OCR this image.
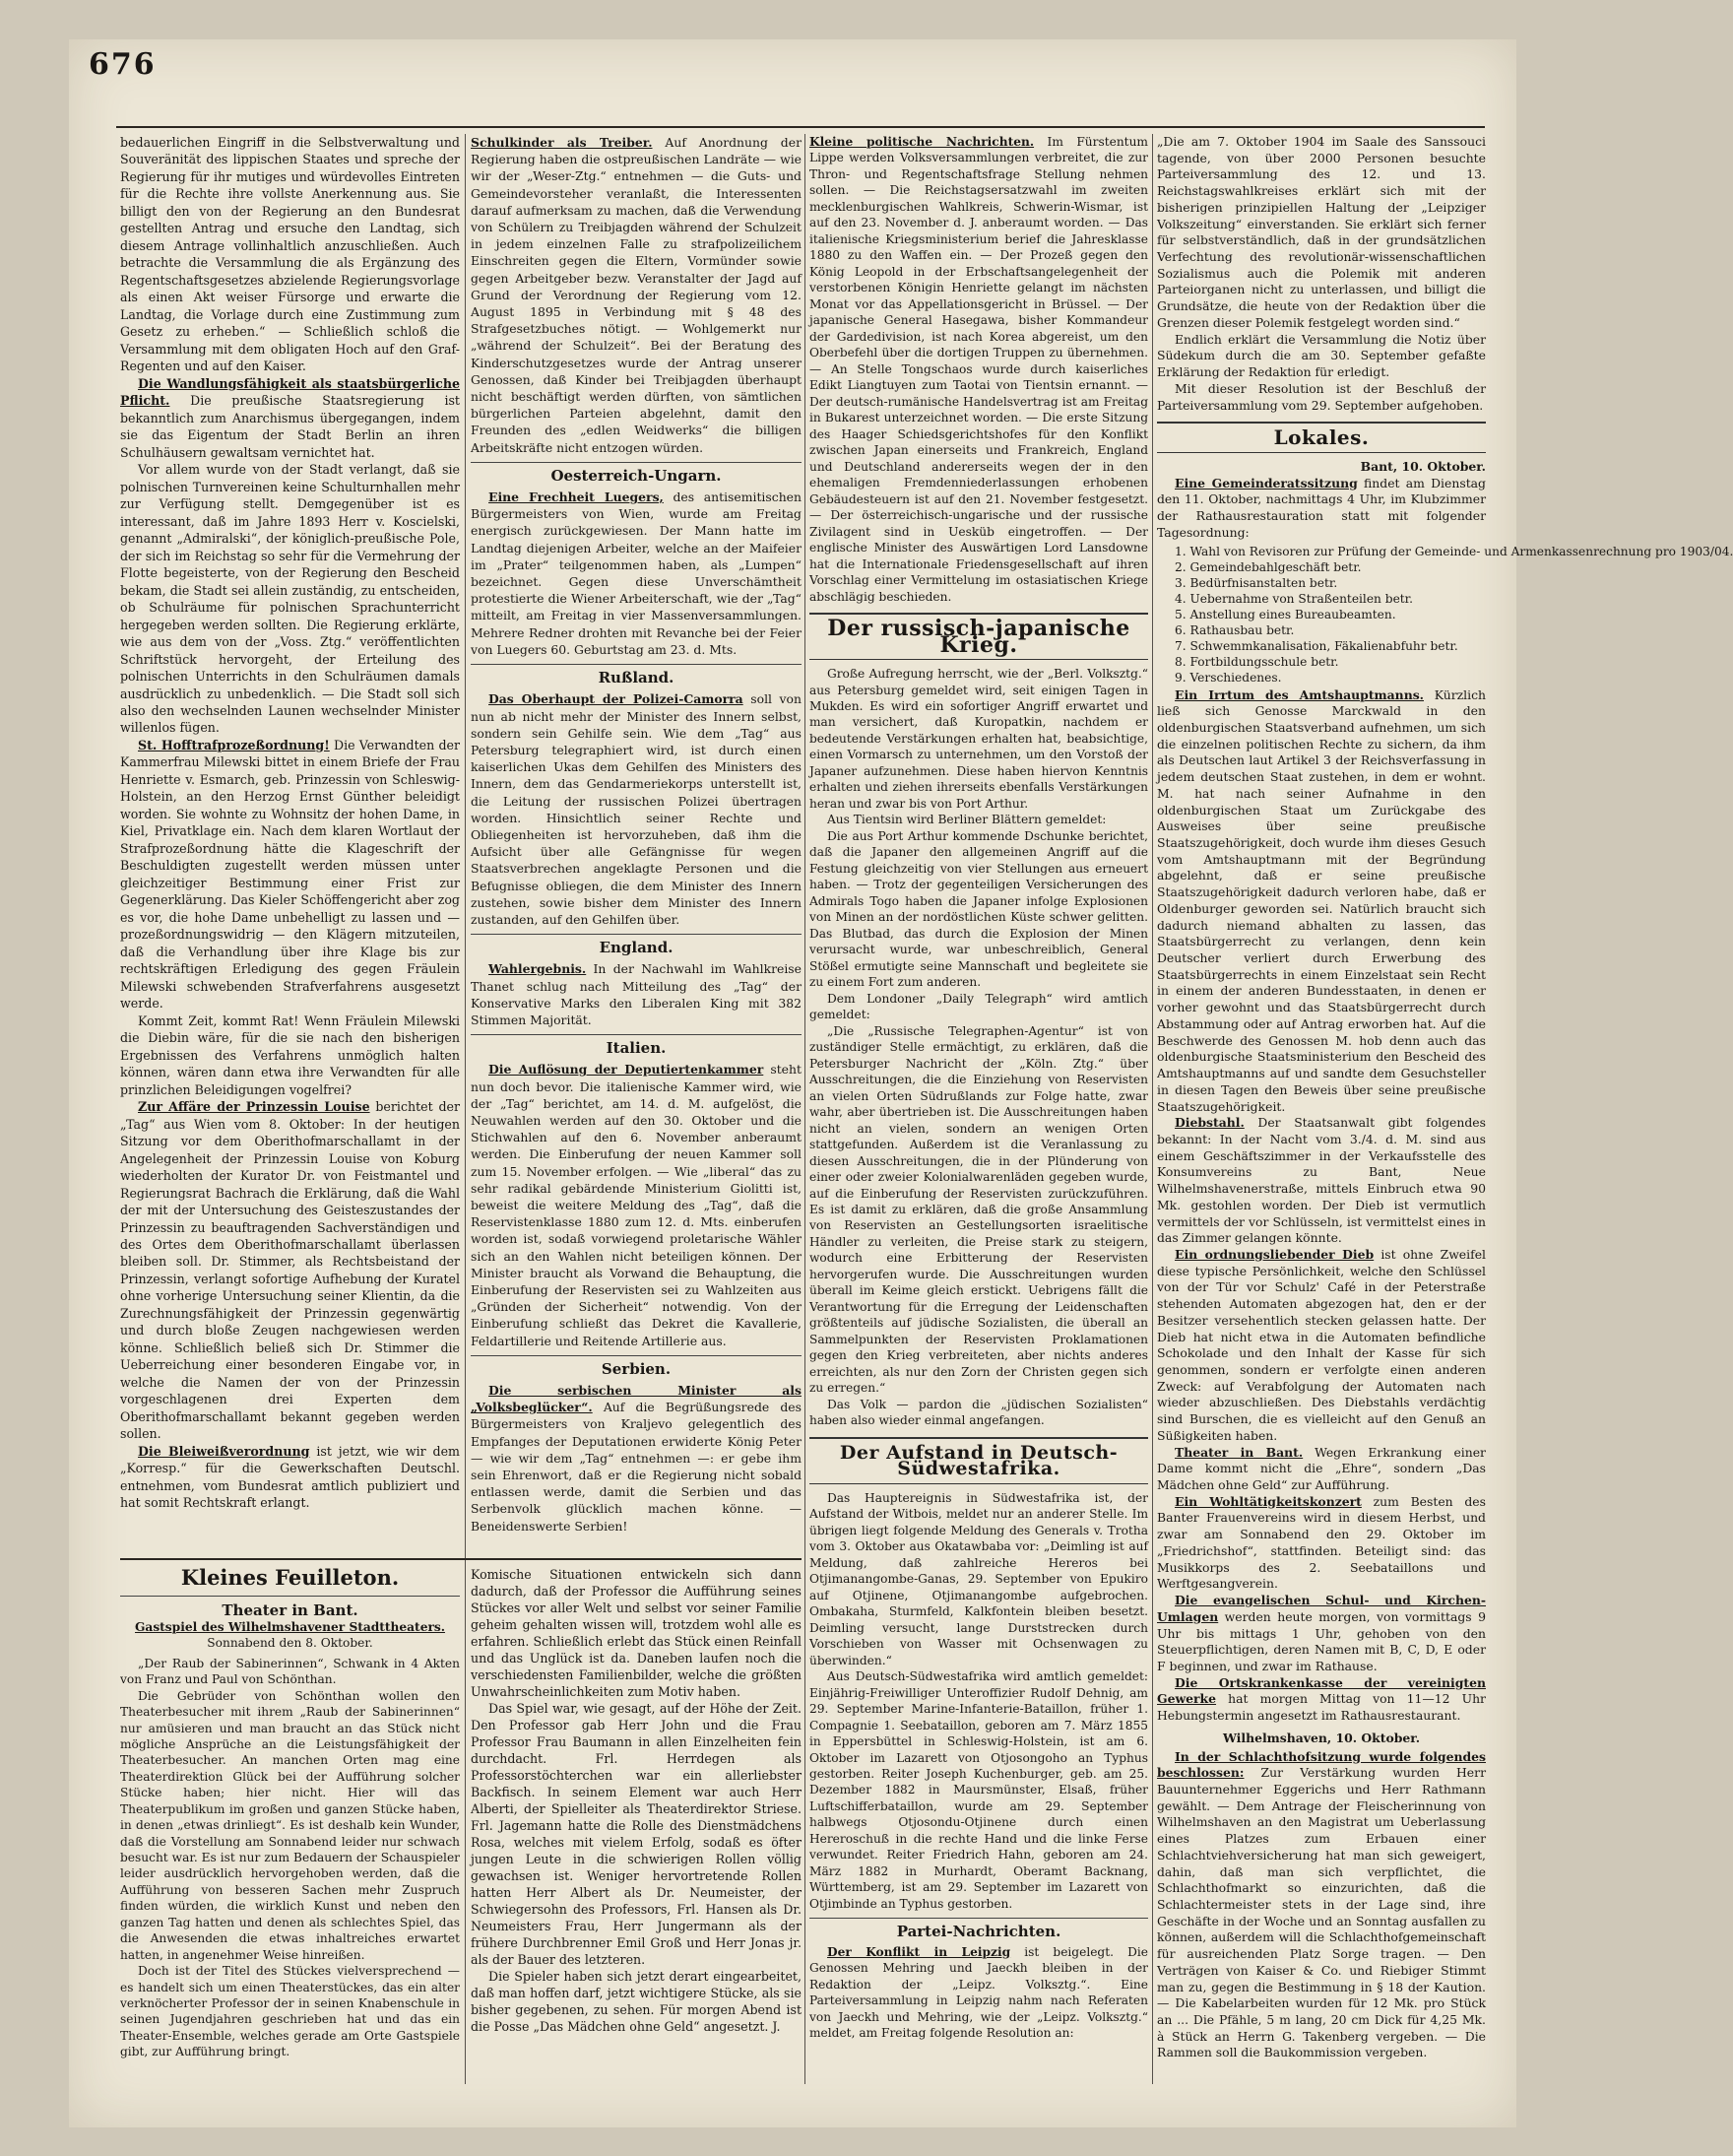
676

bedauerlichen Eingriff in die Selbstverwaltung und Souveränität des lippischen Staates und spreche der Regierung für ihr mutiges und würdevolles Eintreten für die Rechte ihre vollste Anerkennung aus. Sie billigt den von der Regierung an den Bundesrat gestellten Antrag und ersuche den Landtag, sich diesem Antrage vollinhaltlich anzuschließen. Auch betrachte die Versammlung die als Ergänzung des Regentschaftsgesetzes abzielende Regierungsvorlage als einen Akt weiser Fürsorge und erwarte die Landtag, die Vorlage durch eine Zustimmung zum Gesetz zu erheben.“ — Schließlich schloß die Versammlung mit dem obligaten Hoch auf den Graf-Regenten und auf den Kaiser.

Die Wandlungsfähigkeit als staatsbürgerliche Pflicht. Die preußische Staatsregierung ist bekanntlich zum Anarchismus übergegangen, indem sie das Eigentum der Stadt Berlin an ihren Schulhäusern gewaltsam vernichtet hat.

Vor allem wurde von der Stadt verlangt, daß sie polnischen Turnvereinen keine Schulturnhallen mehr zur Verfügung stellt. Demgegenüber ist es interessant, daß im Jahre 1893 Herr v. Koscielski, genannt „Admiralski“, der königlich-preußische Pole, der sich im Reichstag so sehr für die Vermehrung der Flotte begeisterte, von der Regierung den Bescheid bekam, die Stadt sei allein zuständig, zu entscheiden, ob Schulräume für polnischen Sprachunterricht hergegeben werden sollten. Die Regierung erklärte, wie aus dem von der „Voss. Ztg.“ veröffentlichten Schriftstück hervorgeht, der Erteilung des polnischen Unterrichts in den Schulräumen damals ausdrücklich zu unbedenklich. — Die Stadt soll sich also den wechselnden Launen wechselnder Minister willenlos fügen.

St. Hofftrafprozeßordnung! Die Verwandten der Kammerfrau Milewski bittet in einem Briefe der Frau Henriette v. Esmarch, geb. Prinzessin von Schleswig-Holstein, an den Herzog Ernst Günther beleidigt worden. Sie wohnte zu Wohnsitz der hohen Dame, in Kiel, Privatklage ein. Nach dem klaren Wortlaut der Strafprozeßordnung hätte die Klageschrift der Beschuldigten zugestellt werden müssen unter gleichzeitiger Bestimmung einer Frist zur Gegenerklärung. Das Kieler Schöffengericht aber zog es vor, die hohe Dame unbehelligt zu lassen und — prozeßordnungswidrig — den Klägern mitzuteilen, daß die Verhandlung über ihre Klage bis zur rechtskräftigen Erledigung des gegen Fräulein Milewski schwebenden Strafverfahrens ausgesetzt werde.

Kommt Zeit, kommt Rat! Wenn Fräulein Milewski die Diebin wäre, für die sie nach den bisherigen Ergebnissen des Verfahrens unmöglich halten können, wären dann etwa ihre Verwandten für alle prinzlichen Beleidigungen vogelfrei?

Zur Affäre der Prinzessin Louise berichtet der „Tag“ aus Wien vom 8. Oktober: In der heutigen Sitzung vor dem Oberithofmarschallamt in der Angelegenheit der Prinzessin Louise von Koburg wiederholten der Kurator Dr. von Feistmantel und Regierungsrat Bachrach die Erklärung, daß die Wahl der mit der Untersuchung des Geisteszustandes der Prinzessin zu beauftragenden Sachverständigen und des Ortes dem Oberithofmarschallamt überlassen bleiben soll. Dr. Stimmer, als Rechtsbeistand der Prinzessin, verlangt sofortige Aufhebung der Kuratel ohne vorherige Untersuchung seiner Klientin, da die Zurechnungsfähigkeit der Prinzessin gegenwärtig und durch bloße Zeugen nachgewiesen werden könne. Schließlich beließ sich Dr. Stimmer die Ueberreichung einer besonderen Eingabe vor, in welche die Namen der von der Prinzessin vorgeschlagenen drei Experten dem Oberithofmarschallamt bekannt gegeben werden sollen.

Die Bleiweißverordnung ist jetzt, wie wir dem „Korresp.“ für die Gewerkschaften Deutschl. entnehmen, vom Bundesrat amtlich publiziert und hat somit Rechtskraft erlangt.

Schulkinder als Treiber. Auf Anordnung der Regierung haben die ostpreußischen Landräte — wie wir der „Weser-Ztg.“ entnehmen — die Guts- und Gemeindevorsteher veranlaßt, die Interessenten darauf aufmerksam zu machen, daß die Verwendung von Schülern zu Treibjagden während der Schulzeit in jedem einzelnen Falle zu strafpolizeilichem Einschreiten gegen die Eltern, Vormünder sowie gegen Arbeitgeber bezw. Veranstalter der Jagd auf Grund der Verordnung der Regierung vom 12. August 1895 in Verbindung mit § 48 des Strafgesetzbuches nötigt. — Wohlgemerkt nur „während der Schulzeit“. Bei der Beratung des Kinderschutzgesetzes wurde der Antrag unserer Genossen, daß Kinder bei Treibjagden überhaupt nicht beschäftigt werden dürften, von sämtlichen bürgerlichen Parteien abgelehnt, damit den Freunden des „edlen Weidwerks“ die billigen Arbeitskräfte nicht entzogen würden.

Oesterreich-Ungarn.

Eine Frechheit Luegers, des antisemitischen Bürgermeisters von Wien, wurde am Freitag energisch zurückgewiesen. Der Mann hatte im Landtag diejenigen Arbeiter, welche an der Maifeier im „Prater“ teilgenommen haben, als „Lumpen“ bezeichnet. Gegen diese Unverschämtheit protestierte die Wiener Arbeiterschaft, wie der „Tag“ mitteilt, am Freitag in vier Massenversammlungen. Mehrere Redner drohten mit Revanche bei der Feier von Luegers 60. Geburtstag am 23. d. Mts.

Rußland.

Das Oberhaupt der Polizei-Camorra soll von nun ab nicht mehr der Minister des Innern selbst, sondern sein Gehilfe sein. Wie dem „Tag“ aus Petersburg telegraphiert wird, ist durch einen kaiserlichen Ukas dem Gehilfen des Ministers des Innern, dem das Gendarmeriekorps unterstellt ist, die Leitung der russischen Polizei übertragen worden. Hinsichtlich seiner Rechte und Obliegenheiten ist hervorzuheben, daß ihm die Aufsicht über alle Gefängnisse für wegen Staatsverbrechen angeklagte Personen und die Befugnisse obliegen, die dem Minister des Innern zustehen, sowie bisher dem Minister des Innern zustanden, auf den Gehilfen über.

England.

Wahlergebnis. In der Nachwahl im Wahlkreise Thanet schlug nach Mitteilung des „Tag“ der Konservative Marks den Liberalen King mit 382 Stimmen Majorität.

Italien.

Die Auflösung der Deputiertenkammer steht nun doch bevor. Die italienische Kammer wird, wie der „Tag“ berichtet, am 14. d. M. aufgelöst, die Neuwahlen werden auf den 30. Oktober und die Stichwahlen auf den 6. November anberaumt werden. Die Einberufung der neuen Kammer soll zum 15. November erfolgen. — Wie „liberal“ das zu sehr radikal gebärdende Ministerium Giolitti ist, beweist die weitere Meldung des „Tag“, daß die Reservistenklasse 1880 zum 12. d. Mts. einberufen worden ist, sodaß vorwiegend proletarische Wähler sich an den Wahlen nicht beteiligen können. Der Minister braucht als Vorwand die Behauptung, die Einberufung der Reservisten sei zu Wahlzeiten aus „Gründen der Sicherheit“ notwendig. Von der Einberufung schließt das Dekret die Kavallerie, Feldartillerie und Reitende Artillerie aus.

Serbien.

Die serbischen Minister als „Volksbeglücker“. Auf die Begrüßungsrede des Bürgermeisters von Kraljevo gelegentlich des Empfanges der Deputationen erwiderte König Peter — wie wir dem „Tag“ entnehmen —: er gebe ihm sein Ehrenwort, daß er die Regierung nicht sobald entlassen werde, damit die Serbien und das Serbenvolk glücklich machen könne. — Beneidenswerte Serbien!

Kleines Feuilleton.
Theater in Bant.
Gastspiel des Wilhelmshavener Stadttheaters.
Sonnabend den 8. Oktober.

„Der Raub der Sabinerinnen“, Schwank in 4 Akten von Franz und Paul von Schönthan.

Die Gebrüder von Schönthan wollen den Theaterbesucher mit ihrem „Raub der Sabinerinnen“ nur amüsieren und man braucht an das Stück nicht mögliche Ansprüche an die Leistungsfähigkeit der Theaterbesucher. An manchen Orten mag eine Theaterdirektion Glück bei der Aufführung solcher Stücke haben; hier nicht. Hier will das Theaterpublikum im großen und ganzen Stücke haben, in denen „etwas drinliegt“. Es ist deshalb kein Wunder, daß die Vorstellung am Sonnabend leider nur schwach besucht war. Es ist nur zum Bedauern der Schauspieler leider ausdrücklich hervorgehoben werden, daß die Aufführung von besseren Sachen mehr Zuspruch finden würden, die wirklich Kunst und neben den ganzen Tag hatten und denen als schlechtes Spiel, das die Anwesenden die etwas inhaltreiches erwartet hatten, in angenehmer Weise hinreißen.

Doch ist der Titel des Stückes vielversprechend — es handelt sich um einen Theaterstückes, das ein alter verknöcherter Professor der in seinen Knabenschule in seinen Jugendjahren geschrieben hat und das ein Theater-Ensemble, welches gerade am Orte Gastspiele gibt, zur Aufführung bringt.

Komische Situationen entwickeln sich dann dadurch, daß der Professor die Aufführung seines Stückes vor aller Welt und selbst vor seiner Familie geheim gehalten wissen will, trotzdem wohl alle es erfahren. Schließlich erlebt das Stück einen Reinfall und das Unglück ist da. Daneben laufen noch die verschiedensten Familienbilder, welche die größten Unwahrscheinlichkeiten zum Motiv haben.

Das Spiel war, wie gesagt, auf der Höhe der Zeit. Den Professor gab Herr John und die Frau Professor Frau Baumann in allen Einzelheiten fein durchdacht. Frl. Herrdegen als Professorstöchterchen war ein allerliebster Backfisch. In seinem Element war auch Herr Alberti, der Spielleiter als Theaterdirektor Striese. Frl. Jagemann hatte die Rolle des Dienstmädchens Rosa, welches mit vielem Erfolg, sodaß es öfter jungen Leute in die schwierigen Rollen völlig gewachsen ist. Weniger hervortretende Rollen hatten Herr Albert als Dr. Neumeister, der Schwiegersohn des Professors, Frl. Hansen als Dr. Neumeisters Frau, Herr Jungermann als der frühere Durchbrenner Emil Groß und Herr Jonas jr. als der Bauer des letzteren.

Die Spieler haben sich jetzt derart eingearbeitet, daß man hoffen darf, jetzt wichtigere Stücke, als sie bisher gegebenen, zu sehen. Für morgen Abend ist die Posse „Das Mädchen ohne Geld“ angesetzt. J.

Kleine politische Nachrichten. Im Fürstentum Lippe werden Volksversammlungen verbreitet, die zur Thron- und Regentschaftsfrage Stellung nehmen sollen. — Die Reichstagsersatzwahl im zweiten mecklenburgischen Wahlkreis, Schwerin-Wismar, ist auf den 23. November d. J. anberaumt worden. — Das italienische Kriegsministerium berief die Jahresklasse 1880 zu den Waffen ein. — Der Prozeß gegen den König Leopold in der Erbschaftsangelegenheit der verstorbenen Königin Henriette gelangt im nächsten Monat vor das Appellationsgericht in Brüssel. — Der japanische General Hasegawa, bisher Kommandeur der Gardedivision, ist nach Korea abgereist, um den Oberbefehl über die dortigen Truppen zu übernehmen. — An Stelle Tongschaos wurde durch kaiserliches Edikt Liangtuyen zum Taotai von Tientsin ernannt. — Der deutsch-rumänische Handelsvertrag ist am Freitag in Bukarest unterzeichnet worden. — Die erste Sitzung des Haager Schiedsgerichtshofes für den Konflikt zwischen Japan einerseits und Frankreich, England und Deutschland andererseits wegen der in den ehemaligen Fremdenniederlassungen erhobenen Gebäudesteuern ist auf den 21. November festgesetzt. — Der österreichisch-ungarische und der russische Zivilagent sind in Uesküb eingetroffen. — Der englische Minister des Auswärtigen Lord Lansdowne hat die Internationale Friedensgesellschaft auf ihren Vorschlag einer Vermittelung im ostasiatischen Kriege abschlägig beschieden.

Der russisch-japanische Krieg.

Große Aufregung herrscht, wie der „Berl. Volksztg.“ aus Petersburg gemeldet wird, seit einigen Tagen in Mukden. Es wird ein sofortiger Angriff erwartet und man versichert, daß Kuropatkin, nachdem er bedeutende Verstärkungen erhalten hat, beabsichtige, einen Vormarsch zu unternehmen, um den Vorstoß der Japaner aufzunehmen. Diese haben hiervon Kenntnis erhalten und ziehen ihrerseits ebenfalls Verstärkungen heran und zwar bis von Port Arthur.

Aus Tientsin wird Berliner Blättern gemeldet:

Die aus Port Arthur kommende Dschunke berichtet, daß die Japaner den allgemeinen Angriff auf die Festung gleichzeitig von vier Stellungen aus erneuert haben. — Trotz der gegenteiligen Versicherungen des Admirals Togo haben die Japaner infolge Explosionen von Minen an der nordöstlichen Küste schwer gelitten. Das Blutbad, das durch die Explosion der Minen verursacht wurde, war unbeschreiblich, General Stößel ermutigte seine Mannschaft und begleitete sie zu einem Fort zum anderen.

Dem Londoner „Daily Telegraph“ wird amtlich gemeldet:

„Die „Russische Telegraphen-Agentur“ ist von zuständiger Stelle ermächtigt, zu erklären, daß die Petersburger Nachricht der „Köln. Ztg.“ über Ausschreitungen, die die Einziehung von Reservisten an vielen Orten Südrußlands zur Folge hatte, zwar wahr, aber übertrieben ist. Die Ausschreitungen haben nicht an vielen, sondern an wenigen Orten stattgefunden. Außerdem ist die Veranlassung zu diesen Ausschreitungen, die in der Plünderung von einer oder zweier Kolonialwarenläden gegeben wurde, auf die Einberufung der Reservisten zurückzuführen. Es ist damit zu erklären, daß die große Ansammlung von Reservisten an Gestellungsorten israelitische Händler zu verleiten, die Preise stark zu steigern, wodurch eine Erbitterung der Reservisten hervorgerufen wurde. Die Ausschreitungen wurden überall im Keime gleich erstickt. Uebrigens fällt die Verantwortung für die Erregung der Leidenschaften größtenteils auf jüdische Sozialisten, die überall an Sammelpunkten der Reservisten Proklamationen gegen den Krieg verbreiteten, aber nichts anderes erreichten, als nur den Zorn der Christen gegen sich zu erregen.“

Das Volk — pardon die „jüdischen Sozialisten“ haben also wieder einmal angefangen.

Der Aufstand in Deutsch-Südwestafrika.

Das Hauptereignis in Südwestafrika ist, der Aufstand der Witbois, meldet nur an anderer Stelle. Im übrigen liegt folgende Meldung des Generals v. Trotha vom 3. Oktober aus Okatawbaba vor: „Deimling ist auf Meldung, daß zahlreiche Hereros bei Otjimanangombe-Ganas, 29. September von Epukiro auf Otjinene, Otjimanangombe aufgebrochen. Ombakaha, Sturmfeld, Kalkfontein bleiben besetzt. Deimling versucht, lange Durststrecken durch Vorschieben von Wasser mit Ochsenwagen zu überwinden.“

Aus Deutsch-Südwestafrika wird amtlich gemeldet: Einjährig-Freiwilliger Unteroffizier Rudolf Dehnig, am 29. September Marine-Infanterie-Bataillon, früher 1. Compagnie 1. Seebataillon, geboren am 7. März 1855 in Eppersbüttel in Schleswig-Holstein, ist am 6. Oktober im Lazarett von Otjosongoho an Typhus gestorben. Reiter Joseph Kuchenburger, geb. am 25. Dezember 1882 in Maursmünster, Elsaß, früher Luftschifferbataillon, wurde am 29. September halbwegs Otjosondu-Otjinene durch einen Hereroschuß in die rechte Hand und die linke Ferse verwundet. Reiter Friedrich Hahn, geboren am 24. März 1882 in Murhardt, Oberamt Backnang, Württemberg, ist am 29. September im Lazarett von Otjimbinde an Typhus gestorben.

Partei-Nachrichten.

Der Konflikt in Leipzig ist beigelegt. Die Genossen Mehring und Jaeckh bleiben in der Redaktion der „Leipz. Volksztg.“. Eine Parteiversammlung in Leipzig nahm nach Referaten von Jaeckh und Mehring, wie der „Leipz. Volksztg.“ meldet, am Freitag folgende Resolution an:

„Die am 7. Oktober 1904 im Saale des Sanssouci tagende, von über 2000 Personen besuchte Parteiversammlung des 12. und 13. Reichstagswahlkreises erklärt sich mit der bisherigen prinzipiellen Haltung der „Leipziger Volkszeitung“ einverstanden. Sie erklärt sich ferner für selbstverständlich, daß in der grundsätzlichen Verfechtung des revolutionär-wissenschaftlichen Sozialismus auch die Polemik mit anderen Parteiorganen nicht zu unterlassen, und billigt die Grundsätze, die heute von der Redaktion über die Grenzen dieser Polemik festgelegt worden sind.“

Endlich erklärt die Versammlung die Notiz über Südekum durch die am 30. September gefaßte Erklärung der Redaktion für erledigt.

Mit dieser Resolution ist der Beschluß der Parteiversammlung vom 29. September aufgehoben.

Lokales.
Bant, 10. Oktober.

Eine Gemeinderatssitzung findet am Dienstag den 11. Oktober, nachmittags 4 Uhr, im Klubzimmer der Rathausrestauration statt mit folgender Tagesordnung:

1. Wahl von Revisoren zur Prüfung der Gemeinde- und Armenkassenrechnung pro 1903/04.
2. Gemeindebahlgeschäft betr.
3. Bedürfnisanstalten betr.
4. Uebernahme von Straßenteilen betr.
5. Anstellung eines Bureaubeamten.
6. Rathausbau betr.
7. Schwemmkanalisation, Fäkalienabfuhr betr.
8. Fortbildungsschule betr.
9. Verschiedenes.

Ein Irrtum des Amtshauptmanns. Kürzlich ließ sich Genosse Marckwald in den oldenburgischen Staatsverband aufnehmen, um sich die einzelnen politischen Rechte zu sichern, da ihm als Deutschen laut Artikel 3 der Reichsverfassung in jedem deutschen Staat zustehen, in dem er wohnt. M. hat nach seiner Aufnahme in den oldenburgischen Staat um Zurückgabe des Ausweises über seine preußische Staatszugehörigkeit, doch wurde ihm dieses Gesuch vom Amtshauptmann mit der Begründung abgelehnt, daß er seine preußische Staatszugehörigkeit dadurch verloren habe, daß er Oldenburger geworden sei. Natürlich braucht sich dadurch niemand abhalten zu lassen, das Staatsbürgerrecht zu verlangen, denn kein Deutscher verliert durch Erwerbung des Staatsbürgerrechts in einem Einzelstaat sein Recht in einem der anderen Bundesstaaten, in denen er vorher gewohnt und das Staatsbürgerrecht durch Abstammung oder auf Antrag erworben hat. Auf die Beschwerde des Genossen M. hob denn auch das oldenburgische Staatsministerium den Bescheid des Amtshauptmanns auf und sandte dem Gesuchsteller in diesen Tagen den Beweis über seine preußische Staatszugehörigkeit.

Diebstahl. Der Staatsanwalt gibt folgendes bekannt: In der Nacht vom 3./4. d. M. sind aus einem Geschäftszimmer in der Verkaufsstelle des Konsumvereins zu Bant, Neue Wilhelmshavenerstraße, mittels Einbruch etwa 90 Mk. gestohlen worden. Der Dieb ist vermutlich vermittels der vor Schlüsseln, ist vermittelst eines in das Zimmer gelangen könnte.

Ein ordnungsliebender Dieb ist ohne Zweifel diese typische Persönlichkeit, welche den Schlüssel von der Tür vor Schulz' Café in der Peterstraße stehenden Automaten abgezogen hat, den er der Besitzer versehentlich stecken gelassen hatte. Der Dieb hat nicht etwa in die Automaten befindliche Schokolade und den Inhalt der Kasse für sich genommen, sondern er verfolgte einen anderen Zweck: auf Verabfolgung der Automaten nach wieder abzuschließen. Des Diebstahls verdächtig sind Burschen, die es vielleicht auf den Genuß an Süßigkeiten haben.

Theater in Bant. Wegen Erkrankung einer Dame kommt nicht die „Ehre“, sondern „Das Mädchen ohne Geld“ zur Aufführung.

Ein Wohltätigkeitskonzert zum Besten des Banter Frauenvereins wird in diesem Herbst, und zwar am Sonnabend den 29. Oktober im „Friedrichshof“, stattfinden. Beteiligt sind: das Musikkorps des 2. Seebataillons und Werftgesangverein.

Die evangelischen Schul- und Kirchen-Umlagen werden heute morgen, von vormittags 9 Uhr bis mittags 1 Uhr, gehoben von den Steuerpflichtigen, deren Namen mit B, C, D, E oder F beginnen, und zwar im Rathause.

Die Ortskrankenkasse der vereinigten Gewerke hat morgen Mittag von 11—12 Uhr Hebungstermin angesetzt im Rathausrestaurant.

Wilhelmshaven, 10. Oktober.

In der Schlachthofsitzung wurde folgendes beschlossen: Zur Verstärkung wurden Herr Bauunternehmer Eggerichs und Herr Rathmann gewählt. — Dem Antrage der Fleischerinnung von Wilhelmshaven an den Magistrat um Ueberlassung eines Platzes zum Erbauen einer Schlachtviehversicherung hat man sich geweigert, dahin, daß man sich verpflichtet, die Schlachthofmarkt so einzurichten, daß die Schlachtermeister stets in der Lage sind, ihre Geschäfte in der Woche und an Sonntag ausfallen zu können, außerdem will die Schlachthofgemeinschaft für ausreichenden Platz Sorge tragen. — Den Verträgen von Kaiser & Co. und Riebiger Stimmt man zu, gegen die Bestimmung in § 18 der Kaution. — Die Kabelarbeiten wurden für 12 Mk. pro Stück an ... Die Pfähle, 5 m lang, 20 cm Dick für 4,25 Mk. à Stück an Herrn G. Takenberg vergeben. — Die Rammen soll die Baukommission vergeben.
